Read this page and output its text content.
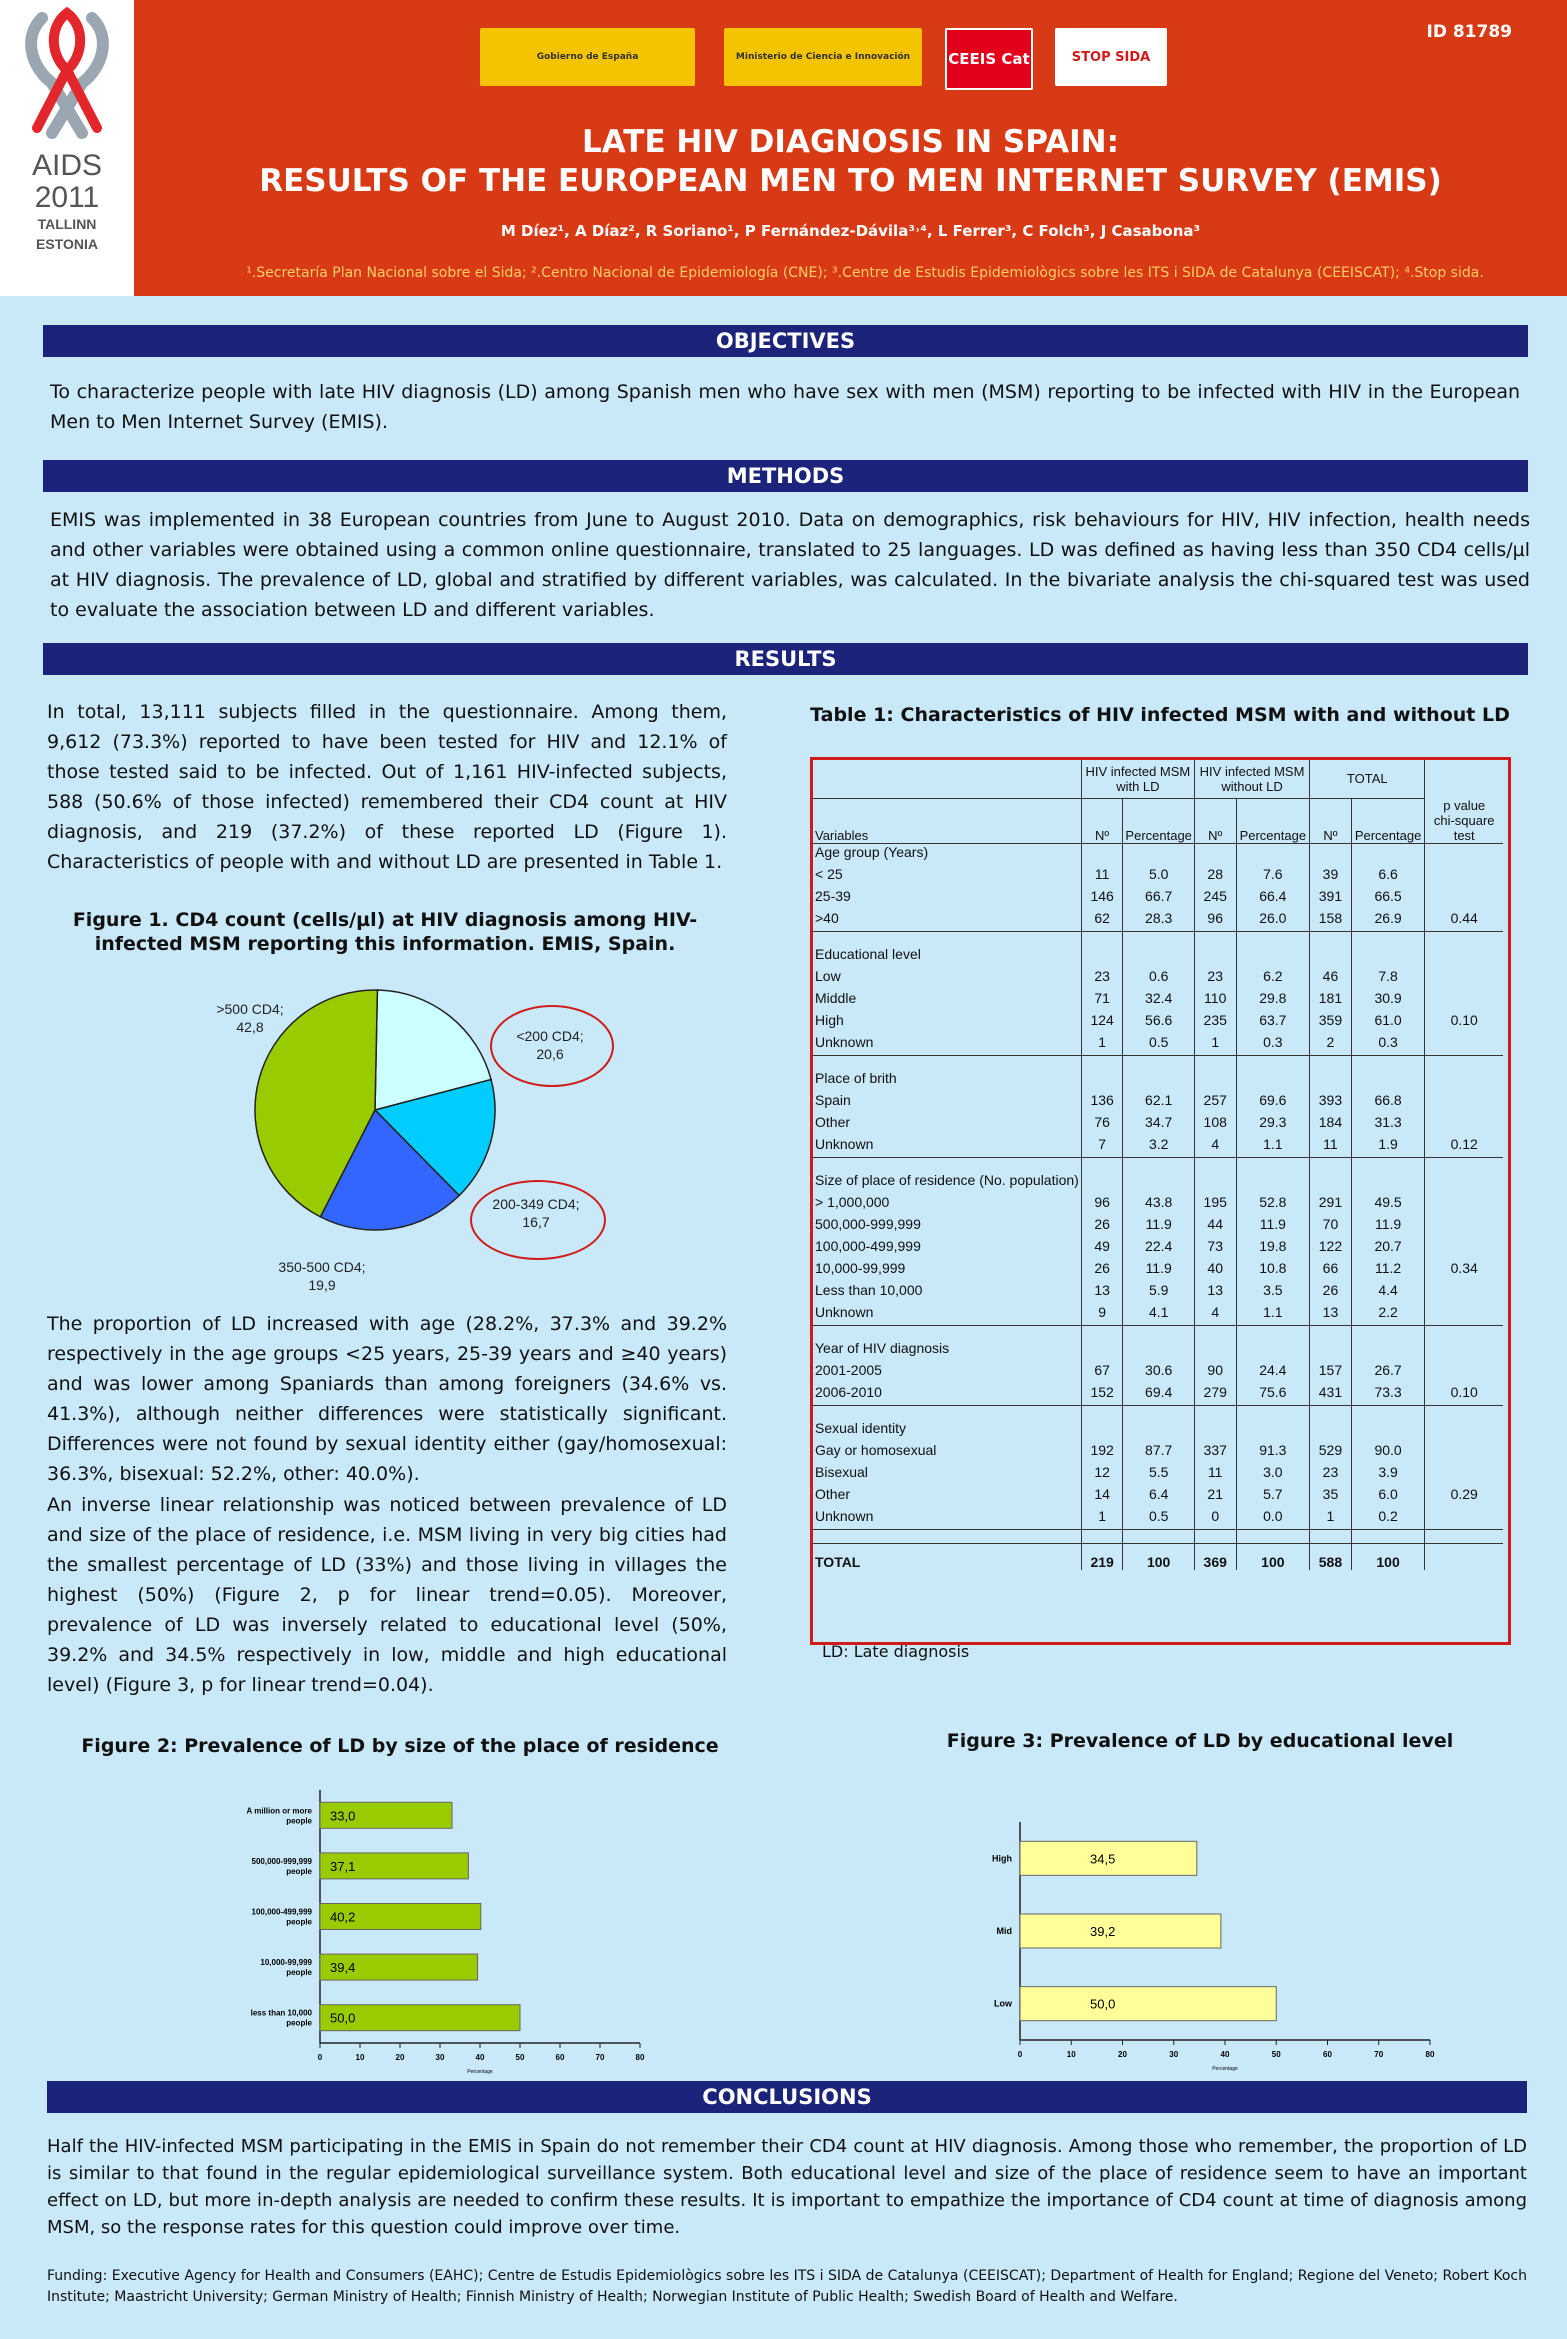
AIDS
2011
TALLINN
ESTONIA
Gobierno de España	Ministerio de Ciencia e Innovación	CEEIS Cat	STOP SIDA
ID 81789
LATE HIV DIAGNOSIS IN SPAIN:
RESULTS OF THE EUROPEAN MEN TO MEN INTERNET SURVEY (EMIS)
M Díez¹, A Díaz², R Soriano¹, P Fernández-Dávila³˒⁴, L Ferrer³, C Folch³, J Casabona³
¹.Secretaría Plan Nacional sobre el Sida; ².Centro Nacional de Epidemiología (CNE); ³.Centre de Estudis Epidemiològics sobre les ITS i SIDA de Catalunya (CEEISCAT); ⁴.Stop sida.
OBJECTIVES
To characterize people with late HIV diagnosis (LD) among Spanish men who have sex with men (MSM) reporting to be infected with HIV in the European Men to Men Internet Survey (EMIS).
METHODS
EMIS was implemented in 38 European countries from June to August 2010. Data on demographics, risk behaviours for HIV, HIV infection, health needs and other variables were obtained using a common online questionnaire, translated to 25 languages. LD was defined as having less than 350 CD4 cells/µl at HIV diagnosis. The prevalence of LD, global and stratified by different variables, was calculated. In the bivariate analysis the chi-squared test was used to evaluate the association between LD and different variables.
RESULTS
In total, 13,111 subjects filled in the questionnaire. Among them, 9,612 (73.3%) reported to have been tested for HIV and 12.1% of those tested said to be infected. Out of 1,161 HIV-infected subjects, 588 (50.6% of those infected) remembered their CD4 count at HIV diagnosis, and 219 (37.2%) of these reported LD (Figure 1). Characteristics of people with and without LD are presented in Table 1.
Figure 1. CD4 count (cells/µl) at HIV diagnosis among HIV-
infected MSM reporting this information. EMIS, Spain.
>500 CD4;
42,8
<200 CD4;
20,6
200-349 CD4;
16,7
350-500 CD4;
19,9
The proportion of LD increased with age (28.2%, 37.3% and 39.2% respectively in the age groups <25 years, 25-39 years and ≥40 years) and was lower among Spaniards than among foreigners (34.6% vs. 41.3%), although neither differences were statistically significant. Differences were not found by sexual identity either (gay/homosexual: 36.3%, bisexual: 52.2%, other: 40.0%).
An inverse linear relationship was noticed between prevalence of LD and size of the place of residence, i.e. MSM living in very big cities had the smallest percentage of LD (33%) and those living in villages the highest (50%) (Figure 2, p for linear trend=0.05). Moreover, prevalence of LD was inversely related to educational level (50%, 39.2% and 34.5% respectively in low, middle and high educational level) (Figure 3, p for linear trend=0.04).
Table 1: Characteristics of HIV infected MSM with and without LD
	HIV infected MSM with LD		HIV infected MSM without LD		TOTAL		
Variables	Nº	Percentage	Nº	Percentage	Nº	Percentage	p value
chi-square test

Age group (Years)							
< 25	11	5.0	28	7.6	39	6.6	
25-39	146	66.7	245	66.4	391	66.5	
>40	62	28.3	96	26.0	158	26.9	0.44

Educational level							
Low	23	0.6	23	6.2	46	7.8	
Middle	71	32.4	110	29.8	181	30.9	
High	124	56.6	235	63.7	359	61.0	0.10
Unknown	1	0.5	1	0.3	2	0.3	

Place of brith							
Spain	136	62.1	257	69.6	393	66.8	
Other	76	34.7	108	29.3	184	31.3	
Unknown	7	3.2	4	1.1	11	1.9	0.12

Size of place of residence (No. population)							
> 1,000,000	96	43.8	195	52.8	291	49.5	
500,000-999,999	26	11.9	44	11.9	70	11.9	
100,000-499,999	49	22.4	73	19.8	122	20.7	
10,000-99,999	26	11.9	40	10.8	66	11.2	0.34
Less than 10,000	13	5.9	13	3.5	26	4.4	
Unknown	9	4.1	4	1.1	13	2.2	

Year of HIV diagnosis							
2001-2005	67	30.6	90	24.4	157	26.7	
2006-2010	152	69.4	279	75.6	431	73.3	0.10

Sexual identity							
Gay or homosexual	192	87.7	337	91.3	529	90.0	
Bisexual	12	5.5	11	3.0	23	3.9	
Other	14	6.4	21	5.7	35	6.0	0.29
Unknown	1	0.5	0	0.0	1	0.2	

TOTAL	219	100	369	100	588	100	
LD: Late diagnosis
Figure 2: Prevalence of LD by size of the place of residence
0	10	20	30	40	50	60	70	80
Percentage
33,0
A million or more
people
37,1
500,000-999,999
people
40,2
100,000-499,999
people
39,4
10,000-99,999
people
50,0
less than 10,000
people
Figure 3: Prevalence of LD by educational level
0	10	20	30	40	50	60	70	80
Percentage
34,5
High
39,2
Mid
50,0
Low
CONCLUSIONS
Half the HIV-infected MSM participating in the EMIS in Spain do not remember their CD4 count at HIV diagnosis. Among those who remember, the proportion of LD is similar to that found in the regular epidemiological surveillance system. Both educational level and size of the place of residence seem to have an important effect on LD, but more in-depth analysis are needed to confirm these results. It is important to empathize the importance of CD4 count at time of diagnosis among MSM, so the response rates for this question could improve over time.
Funding: Executive Agency for Health and Consumers (EAHC); Centre de Estudis Epidemiològics sobre les ITS i SIDA de Catalunya (CEEISCAT); Department of Health for England; Regione del Veneto; Robert Koch Institute; Maastricht University; German Ministry of Health; Finnish Ministry of Health; Norwegian Institute of Public Health; Swedish Board of Health and Welfare.
